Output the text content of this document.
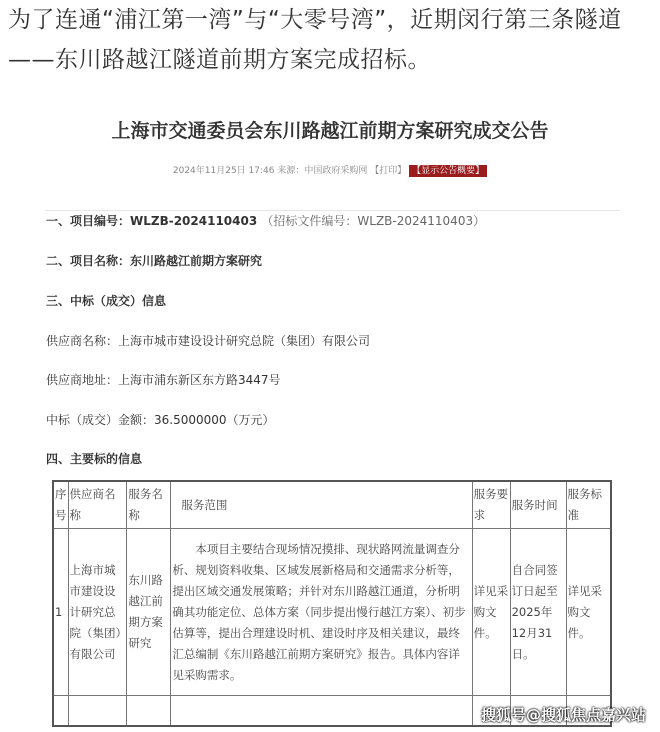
为了连通“浦江第一湾”与“大零号湾”，近期闵行第三条隧道——东川路越江隧道前期方案完成招标。
上海市交通委员会东川路越江前期方案研究成交公告
2024年11月25日 17:46 来源：中国政府采购网 【打印】 【显示公告概要】
一、项目编号：WLZB-2024110403 （招标文件编号：WLZB-2024110403）
二、项目名称：东川路越江前期方案研究
三、中标（成交）信息
供应商名称：上海市城市建设设计研究总院（集团）有限公司
供应商地址：上海市浦东新区东方路3447号
中标（成交）金额：36.5000000（万元）
四、主要标的信息
序号	供应商名称	服务名称	服务范围	服务要求	服务时间	服务标准
1	上海市城市建设设计研究总院（集团）有限公司	东川路越江前期方案研究	本项目主要结合现场情况摸排、现状路网流量调查分析、规划资料收集、区域发展新格局和交通需求分析等，提出区域交通发展策略；并针对东川路越江通道，分析明确其功能定位、总体方案（同步提出慢行越江方案）、初步估算等，提出合理建设时机、建设时序及相关建议，最终汇总编制《东川路越江前期方案研究》报告。具体内容详见采购需求。	详见采购文件。	自合同签订日起至2025年12月31日。	详见采购文件。

搜狐号@搜狐焦点嘉兴站
